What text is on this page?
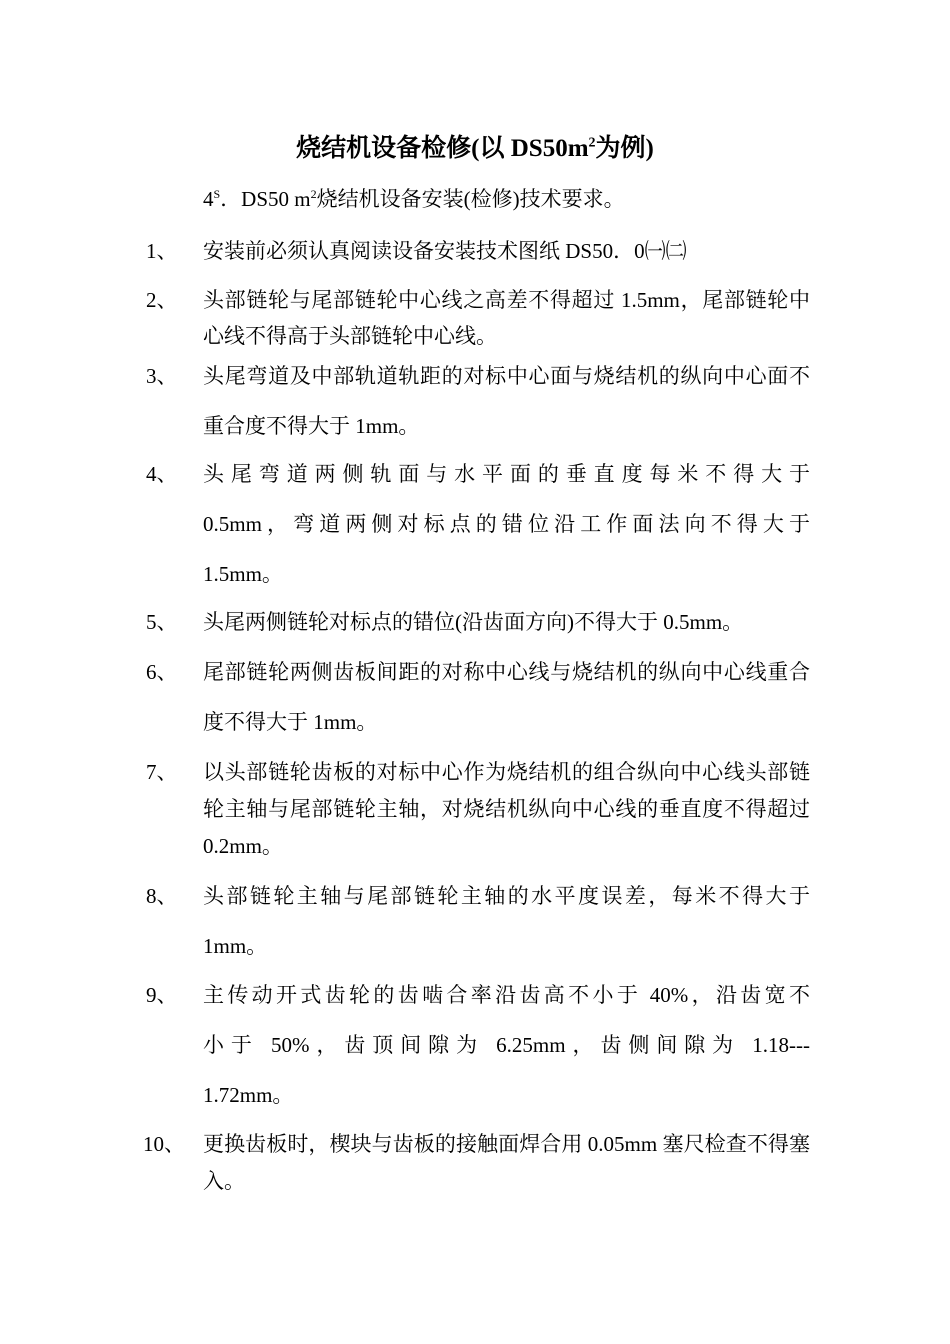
烧结机设备检修(以 $DS50m^2$为例)
$4^S$．DS50 $m^2$烧结机设备安装(检修)技术要求。
1、 安装前必须认真阅读设备安装技术图纸 DS50．0㈠㈡
2、 头部链轮与尾部链轮中心线之高差不得超过 1.5mm，尾部链轮中心线不得高于头部链轮中心线。
3、 头尾弯道及中部轨道轨距的对标中心面与烧结机的纵向中心面不重合度不得大于 1mm。
4、 头尾弯道两侧轨面与水平面的垂直度每米不得大于
0.5mm，弯道两侧对标点的错位沿工作面法向不得大于
1.5mm。
5、 头尾两侧链轮对标点的错位(沿齿面方向)不得大于 0.5mm。
6、 尾部链轮两侧齿板间距的对称中心线与烧结机的纵向中心线重合度不得大于 1mm。
7、 以头部链轮齿板的对标中心作为烧结机的组合纵向中心线头部链轮主轴与尾部链轮主轴，对烧结机纵向中心线的垂直度不得超过 0.2mm。
8、 头部链轮主轴与尾部链轮主轴的水平度误差，每米不得大于 1mm。
9、 主传动开式齿轮的齿啮合率沿齿高不小于 40%，沿齿宽不
小于 50%，齿顶间隙为 6.25mm，齿侧间隙为 1.18---
1.72mm。
10、 更换齿板时，楔块与齿板的接触面焊合用 0.05mm 塞尺检查不得塞入。
